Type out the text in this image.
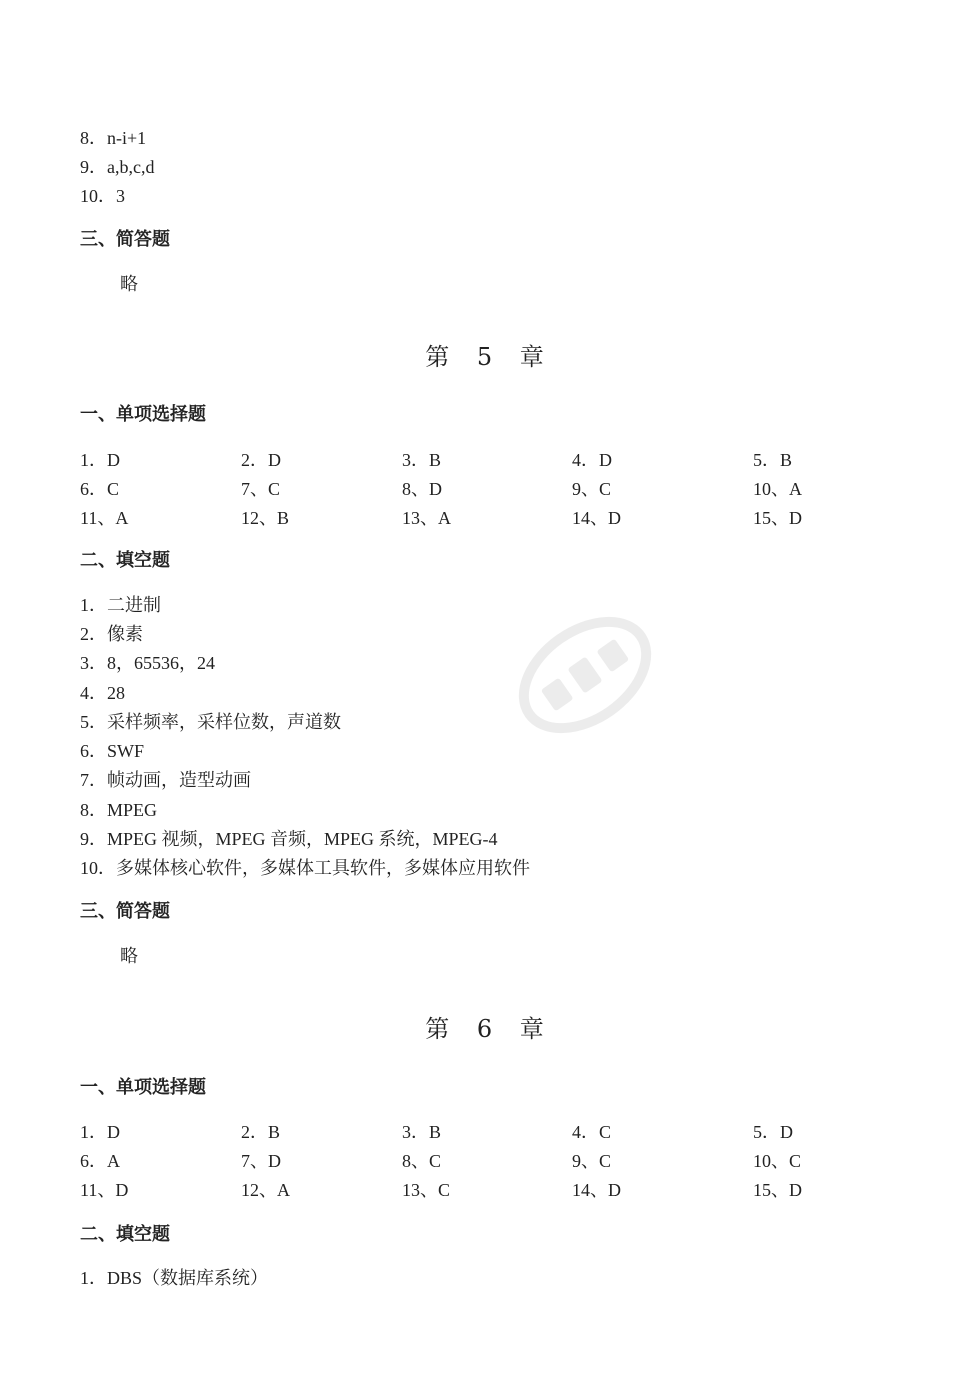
8．n-i+1
9．a,b,c,d
10．3
三、简答题
略
第 5 章
一、单项选择题
1．D	2．D	3．B	4．D	5．B
6．C	7、C	8、D	9、C	10、A
11、A	12、B	13、A	14、D	15、D
二、填空题
1．二进制
2．像素
3．8，65536，24
4．28
5．采样频率，采样位数，声道数
6．SWF
7．帧动画，造型动画
8．MPEG
9．MPEG 视频，MPEG 音频，MPEG 系统，MPEG-4
10．多媒体核心软件，多媒体工具软件，多媒体应用软件
三、简答题
略
第 6 章
一、单项选择题
1．D	2．B	3．B	4．C	5．D
6．A	7、D	8、C	9、C	10、C
11、D	12、A	13、C	14、D	15、D
二、填空题
1．DBS（数据库系统）
